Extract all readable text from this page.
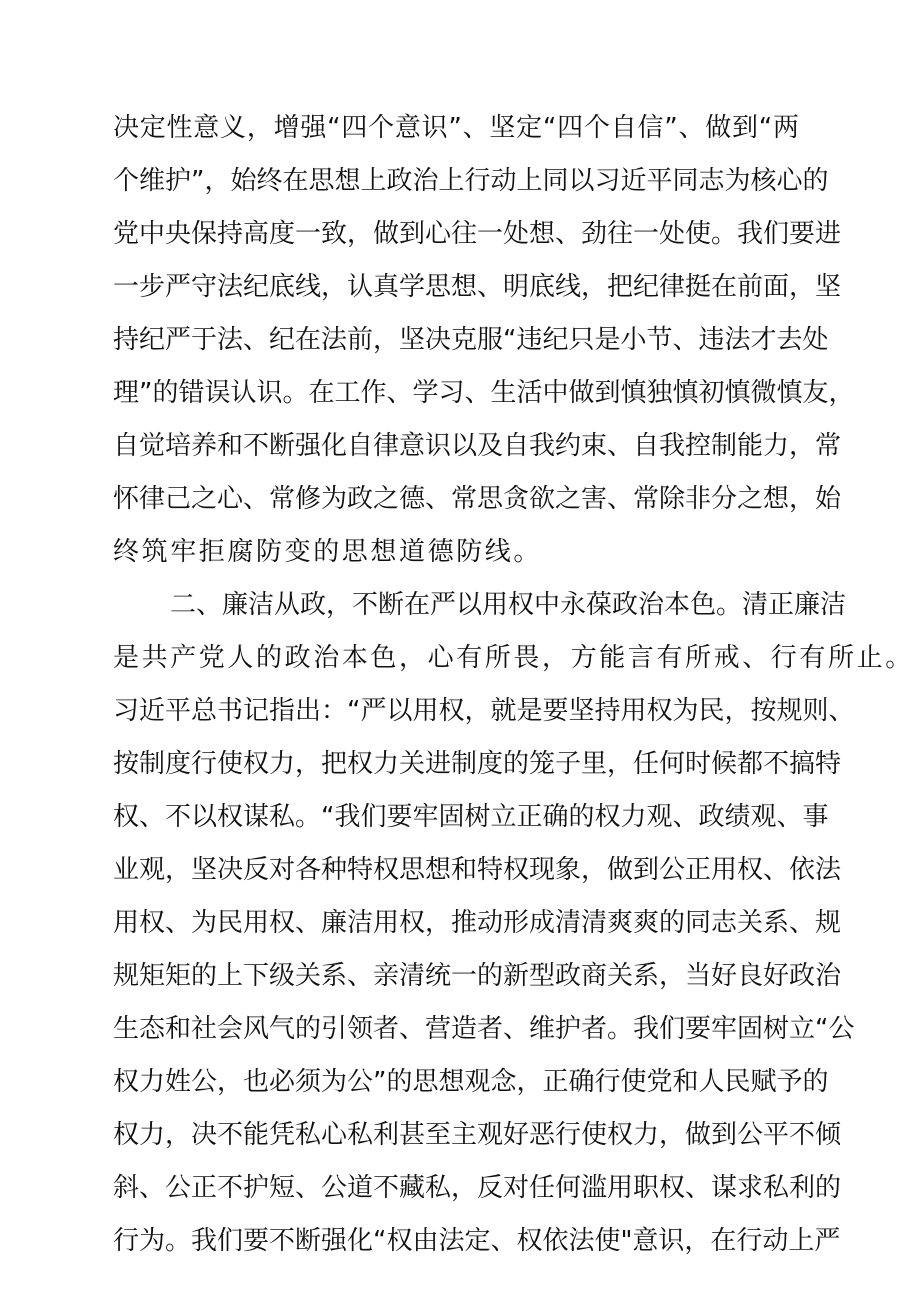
决定性意义，增强“四个意识”、坚定“四个自信”、做到“两
个维护”，始终在思想上政治上行动上同以习近平同志为核心的
党中央保持高度一致，做到心往一处想、劲往一处使。我们要进
一步严守法纪底线，认真学思想、明底线，把纪律挺在前面，坚
持纪严于法、纪在法前，坚决克服“违纪只是小节、违法才去处
理”的错误认识。在工作、学习、生活中做到慎独慎初慎微慎友，
自觉培养和不断强化自律意识以及自我约束、自我控制能力，常
怀律己之心、常修为政之德、常思贪欲之害、常除非分之想，始
终筑牢拒腐防变的思想道德防线。
二、廉洁从政，不断在严以用权中永葆政治本色。清正廉洁
是共产党人的政治本色，心有所畏，方能言有所戒、行有所止。
习近平总书记指出：“严以用权，就是要坚持用权为民，按规则、
按制度行使权力，把权力关进制度的笼子里，任何时候都不搞特
权、不以权谋私。“我们要牢固树立正确的权力观、政绩观、事
业观，坚决反对各种特权思想和特权现象，做到公正用权、依法
用权、为民用权、廉洁用权，推动形成清清爽爽的同志关系、规
规矩矩的上下级关系、亲清统一的新型政商关系，当好良好政治
生态和社会风气的引领者、营造者、维护者。我们要牢固树立“公
权力姓公，也必须为公”的思想观念，正确行使党和人民赋予的
权力，决不能凭私心私利甚至主观好恶行使权力，做到公平不倾
斜、公正不护短、公道不藏私，反对任何滥用职权、谋求私利的
行为。我们要不断强化“权由法定、权依法使"意识，在行动上严
